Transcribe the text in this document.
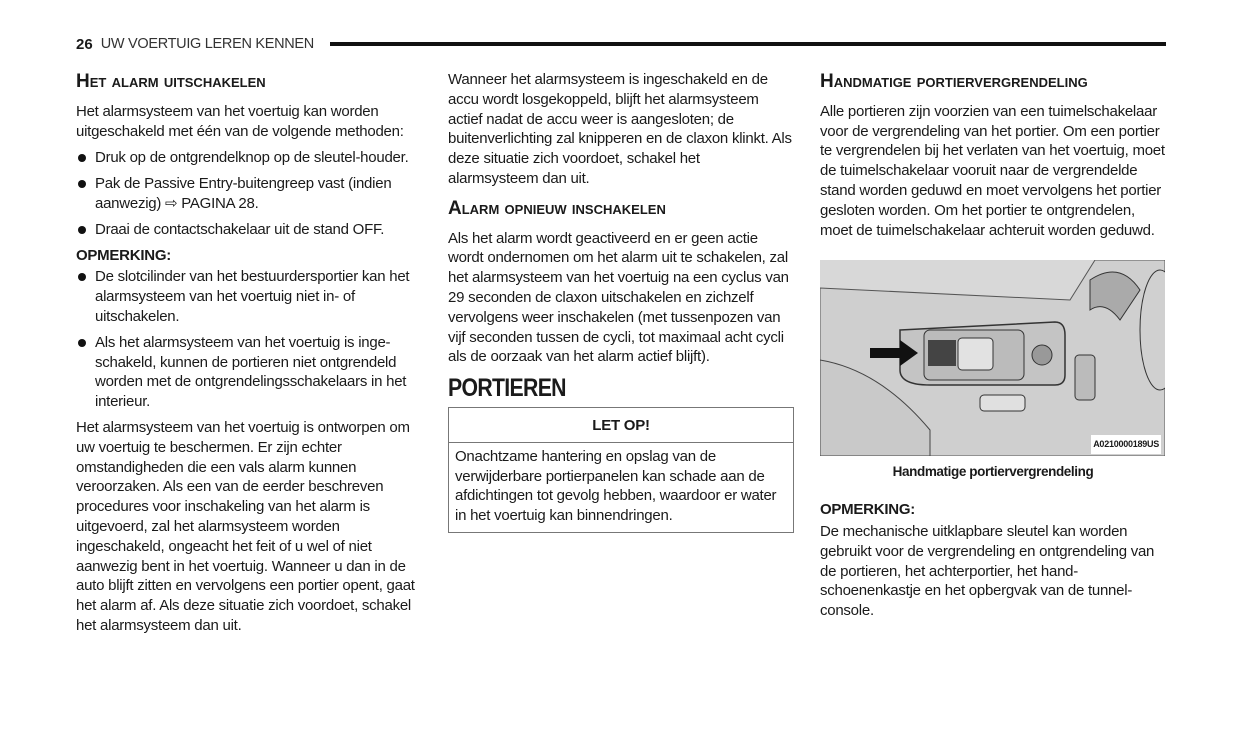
26 UW VOERTUIG LEREN KENNEN
Het alarm uitschakelen

Het alarmsysteem van het voertuig kan worden uitgeschakeld met één van de volgende methoden:

Druk op de ontgrendelknop op de sleutel-houder.
Pak de Passive Entry-buitengreep vast (indien aanwezig) ⇨ PAGINA 28.
Draai de contactschakelaar uit de stand OFF.
OPMERKING:
De slotcilinder van het bestuurdersportier kan het alarmsysteem van het voertuig niet in- of uitschakelen.
Als het alarmsysteem van het voertuig is inge-schakeld, kunnen de portieren niet ontgrendeld worden met de ontgrendelingsschakelaars in het interieur.

Het alarmsysteem van het voertuig is ontworpen om uw voertuig te beschermen. Er zijn echter omstandigheden die een vals alarm kunnen veroorzaken. Als een van de eerder beschreven procedures voor inschakeling van het alarm is uitgevoerd, zal het alarmsysteem worden ingeschakeld, ongeacht het feit of u wel of niet aanwezig bent in het voertuig. Wanneer u dan in de auto blijft zitten en vervolgens een portier opent, gaat het alarm af. Als deze situatie zich voordoet, schakel het alarmsysteem dan uit.

Wanneer het alarmsysteem is ingeschakeld en de accu wordt losgekoppeld, blijft het alarmsysteem actief nadat de accu weer is aangesloten; de buitenverlichting zal knipperen en de claxon klinkt. Als deze situatie zich voordoet, schakel het alarmsysteem dan uit.

Alarm opnieuw inschakelen

Als het alarm wordt geactiveerd en er geen actie wordt ondernomen om het alarm uit te schakelen, zal het alarmsysteem van het voertuig na een cyclus van 29 seconden de claxon uitschakelen en zichzelf vervolgens weer inschakelen (met tussenpozen van vijf seconden tussen de cycli, tot maximaal acht cycli als de oorzaak van het alarm actief blijft).

PORTIEREN
LET OP!
Onachtzame hantering en opslag van de verwijderbare portierpanelen kan schade aan de afdichtingen tot gevolg hebben, waardoor er water in het voertuig kan binnendringen.
Handmatige portiervergrendeling

Alle portieren zijn voorzien van een tuimelschakelaar voor de vergrendeling van het portier. Om een portier te vergrendelen bij het verlaten van het voertuig, moet de tuimelschakelaar vooruit naar de vergrendelde stand worden geduwd en moet vervolgens het portier gesloten worden. Om het portier te ontgrendelen, moet de tuimelschakelaar achteruit worden geduwd.

A0210000189US
Handmatige portiervergrendeling
OPMERKING:

De mechanische uitklapbare sleutel kan worden gebruikt voor de vergrendeling en ontgrendeling van de portieren, het achterportier, het hand-schoenenkastje en het opbergvak van de tunnel-console.
